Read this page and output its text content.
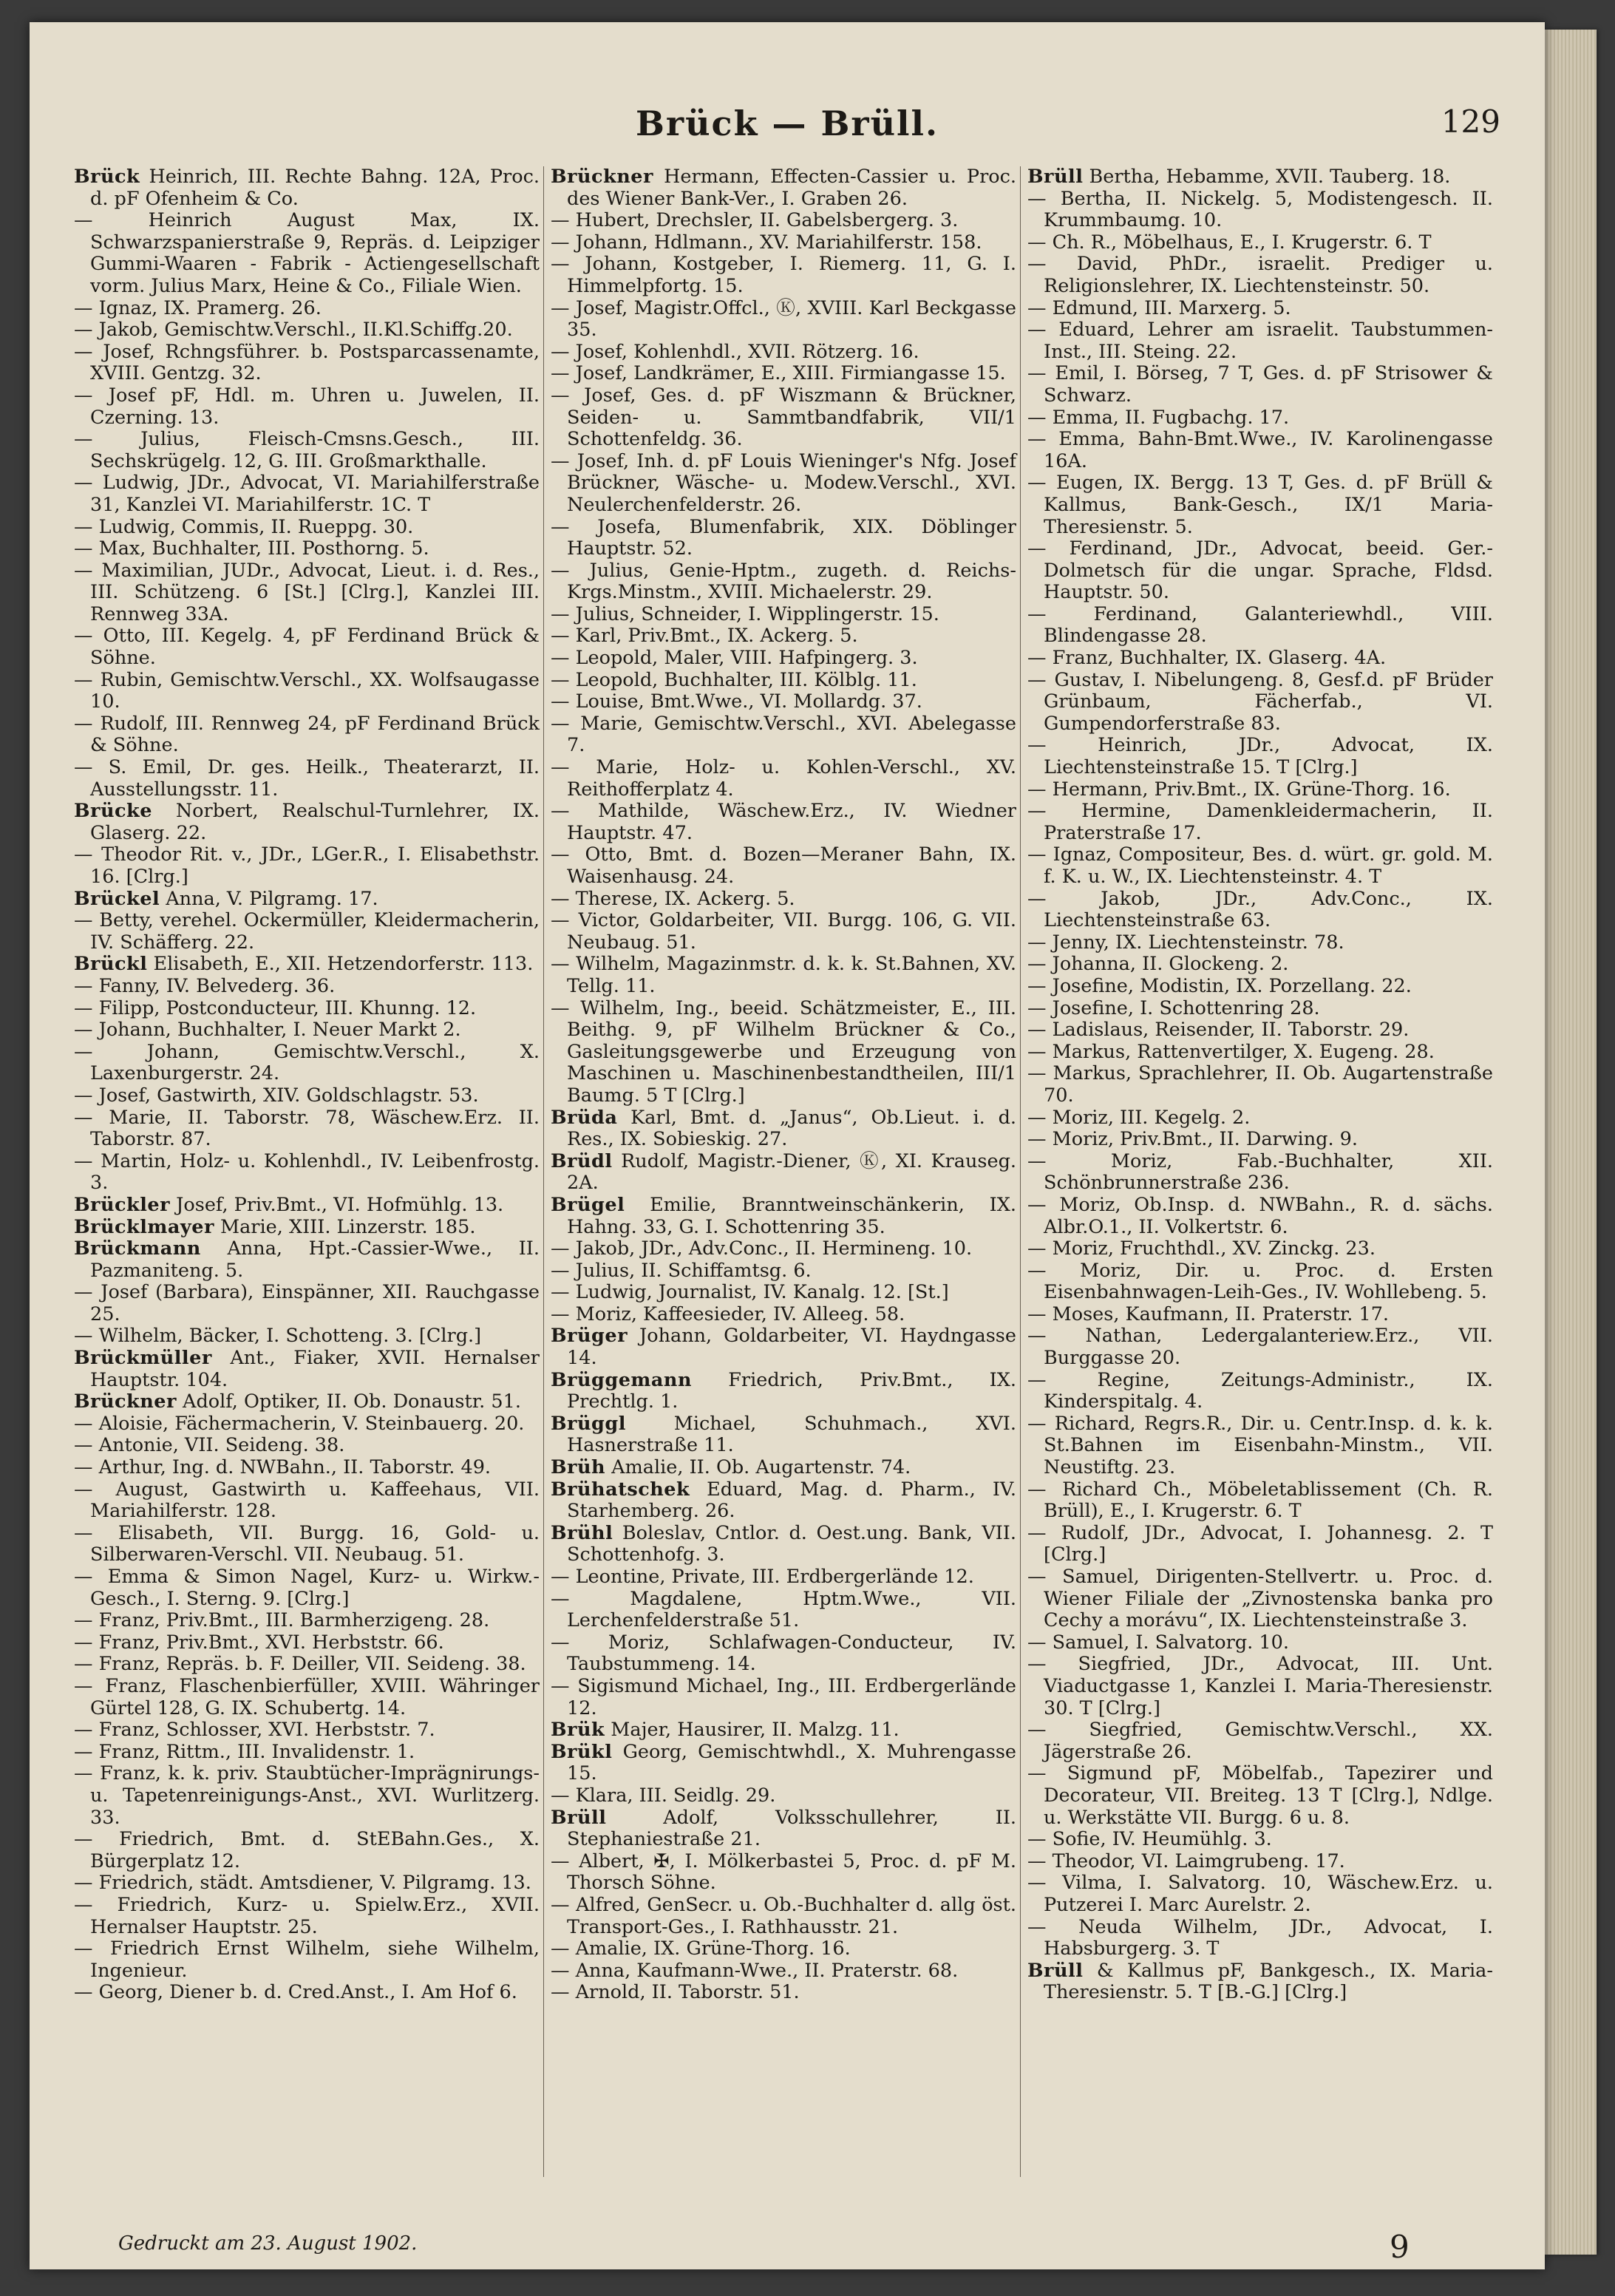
Brück — Brüll.	129

Brück Heinrich, III. Rechte Bahng. 12A, Proc. d. pF Ofenheim & Co.

— Heinrich August Max, IX. Schwarzspanierstraße 9, Repräs. d. Leipziger Gummi-Waaren - Fabrik - Actiengesellschaft vorm. Julius Marx, Heine & Co., Filiale Wien.

— Ignaz, IX. Pramerg. 26.

— Jakob, Gemischtw.Verschl., II.Kl.Schiffg.20.

— Josef, Rchngsführer. b. Postsparcassenamte, XVIII. Gentzg. 32.

— Josef pF, Hdl. m. Uhren u. Juwelen, II. Czerning. 13.

— Julius, Fleisch-Cmsns.Gesch., III. Sechskrügelg. 12, G. III. Großmarkthalle.

— Ludwig, JDr., Advocat, VI. Mariahilferstraße 31, Kanzlei VI. Mariahilferstr. 1C. T

— Ludwig, Commis, II. Rueppg. 30.

— Max, Buchhalter, III. Posthorng. 5.

— Maximilian, JUDr., Advocat, Lieut. i. d. Res., III. Schützeng. 6 [St.] [Clrg.], Kanzlei III. Rennweg 33A.

— Otto, III. Kegelg. 4, pF Ferdinand Brück & Söhne.

— Rubin, Gemischtw.Verschl., XX. Wolfsaugasse 10.

— Rudolf, III. Rennweg 24, pF Ferdinand Brück & Söhne.

— S. Emil, Dr. ges. Heilk., Theaterarzt, II. Ausstellungsstr. 11.

Brücke Norbert, Realschul-Turnlehrer, IX. Glaserg. 22.

— Theodor Rit. v., JDr., LGer.R., I. Elisabethstr. 16. [Clrg.]

Brückel Anna, V. Pilgramg. 17.

— Betty, verehel. Ockermüller, Kleidermacherin, IV. Schäfferg. 22.

Brückl Elisabeth, E., XII. Hetzendorferstr. 113.

— Fanny, IV. Belvederg. 36.

— Filipp, Postconducteur, III. Khunng. 12.

— Johann, Buchhalter, I. Neuer Markt 2.

— Johann, Gemischtw.Verschl., X. Laxenburgerstr. 24.

— Josef, Gastwirth, XIV. Goldschlagstr. 53.

— Marie, II. Taborstr. 78, Wäschew.Erz. II. Taborstr. 87.

— Martin, Holz- u. Kohlenhdl., IV. Leibenfrostg. 3.

Brückler Josef, Priv.Bmt., VI. Hofmühlg. 13.

Brücklmayer Marie, XIII. Linzerstr. 185.

Brückmann Anna, Hpt.-Cassier-Wwe., II. Pazmaniteng. 5.

— Josef (Barbara), Einspänner, XII. Rauchgasse 25.

— Wilhelm, Bäcker, I. Schotteng. 3. [Clrg.]

Brückmüller Ant., Fiaker, XVII. Hernalser Hauptstr. 104.

Brückner Adolf, Optiker, II. Ob. Donaustr. 51.

— Aloisie, Fächermacherin, V. Steinbauerg. 20.

— Antonie, VII. Seideng. 38.

— Arthur, Ing. d. NWBahn., II. Taborstr. 49.

— August, Gastwirth u. Kaffeehaus, VII. Mariahilferstr. 128.

— Elisabeth, VII. Burgg. 16, Gold- u. Silberwaren-Verschl. VII. Neubaug. 51.

— Emma & Simon Nagel, Kurz- u. Wirkw.-Gesch., I. Sterng. 9. [Clrg.]

— Franz, Priv.Bmt., III. Barmherzigeng. 28.

— Franz, Priv.Bmt., XVI. Herbststr. 66.

— Franz, Repräs. b. F. Deiller, VII. Seideng. 38.

— Franz, Flaschenbierfüller, XVIII. Währinger Gürtel 128, G. IX. Schubertg. 14.

— Franz, Schlosser, XVI. Herbststr. 7.

— Franz, Rittm., III. Invalidenstr. 1.

— Franz, k. k. priv. Staubtücher-Imprägnirungs- u. Tapetenreinigungs-Anst., XVI. Wurlitzerg. 33.

— Friedrich, Bmt. d. StEBahn.Ges., X. Bürgerplatz 12.

— Friedrich, städt. Amtsdiener, V. Pilgramg. 13.

— Friedrich, Kurz- u. Spielw.Erz., XVII. Hernalser Hauptstr. 25.

— Friedrich Ernst Wilhelm, siehe Wilhelm, Ingenieur.

— Georg, Diener b. d. Cred.Anst., I. Am Hof 6.

Brückner Hermann, Effecten-Cassier u. Proc. des Wiener Bank-Ver., I. Graben 26.

— Hubert, Drechsler, II. Gabelsbergerg. 3.

— Johann, Hdlmann., XV. Mariahilferstr. 158.

— Johann, Kostgeber, I. Riemerg. 11, G. I. Himmelpfortg. 15.

— Josef, Magistr.Offcl., Ⓚ, XVIII. Karl Beckgasse 35.

— Josef, Kohlenhdl., XVII. Rötzerg. 16.

— Josef, Landkrämer, E., XIII. Firmiangasse 15.

— Josef, Ges. d. pF Wiszmann & Brückner, Seiden- u. Sammtbandfabrik, VII/1 Schottenfeldg. 36.

— Josef, Inh. d. pF Louis Wieninger's Nfg. Josef Brückner, Wäsche- u. Modew.Verschl., XVI. Neulerchenfelderstr. 26.

— Josefa, Blumenfabrik, XIX. Döblinger Hauptstr. 52.

— Julius, Genie-Hptm., zugeth. d. Reichs-Krgs.Minstm., XVIII. Michaelerstr. 29.

— Julius, Schneider, I. Wipplingerstr. 15.

— Karl, Priv.Bmt., IX. Ackerg. 5.

— Leopold, Maler, VIII. Hafpingerg. 3.

— Leopold, Buchhalter, III. Kölblg. 11.

— Louise, Bmt.Wwe., VI. Mollardg. 37.

— Marie, Gemischtw.Verschl., XVI. Abelegasse 7.

— Marie, Holz- u. Kohlen-Verschl., XV. Reithofferplatz 4.

— Mathilde, Wäschew.Erz., IV. Wiedner Hauptstr. 47.

— Otto, Bmt. d. Bozen—Meraner Bahn, IX. Waisenhausg. 24.

— Therese, IX. Ackerg. 5.

— Victor, Goldarbeiter, VII. Burgg. 106, G. VII. Neubaug. 51.

— Wilhelm, Magazinmstr. d. k. k. St.Bahnen, XV. Tellg. 11.

— Wilhelm, Ing., beeid. Schätzmeister, E., III. Beithg. 9, pF Wilhelm Brückner & Co., Gasleitungsgewerbe und Erzeugung von Maschinen u. Maschinenbestandtheilen, III/1 Baumg. 5 T [Clrg.]

Brüda Karl, Bmt. d. „Janus“, Ob.Lieut. i. d. Res., IX. Sobieskig. 27.

Brüdl Rudolf, Magistr.-Diener, Ⓚ, XI. Krauseg. 2A.

Brügel Emilie, Branntweinschänkerin, IX. Hahng. 33, G. I. Schottenring 35.

— Jakob, JDr., Adv.Conc., II. Hermineng. 10.

— Julius, II. Schiffamtsg. 6.

— Ludwig, Journalist, IV. Kanalg. 12. [St.]

— Moriz, Kaffeesieder, IV. Alleeg. 58.

Brüger Johann, Goldarbeiter, VI. Haydngasse 14.

Brüggemann Friedrich, Priv.Bmt., IX. Prechtlg. 1.

Brüggl Michael, Schuhmach., XVI. Hasnerstraße 11.

Brüh Amalie, II. Ob. Augartenstr. 74.

Brühatschek Eduard, Mag. d. Pharm., IV. Starhemberg. 26.

Brühl Boleslav, Cntlor. d. Oest.ung. Bank, VII. Schottenhofg. 3.

— Leontine, Private, III. Erdbergerlände 12.

— Magdalene, Hptm.Wwe., VII. Lerchenfelderstraße 51.

— Moriz, Schlafwagen-Conducteur, IV. Taubstummeng. 14.

— Sigismund Michael, Ing., III. Erdbergerlände 12.

Brük Majer, Hausirer, II. Malzg. 11.

Brükl Georg, Gemischtwhdl., X. Muhrengasse 15.

— Klara, III. Seidlg. 29.

Brüll Adolf, Volksschullehrer, II. Stephaniestraße 21.

— Albert, ✠, I. Mölkerbastei 5, Proc. d. pF M. Thorsch Söhne.

— Alfred, GenSecr. u. Ob.-Buchhalter d. allg öst. Transport-Ges., I. Rathhausstr. 21.

— Amalie, IX. Grüne-Thorg. 16.

— Anna, Kaufmann-Wwe., II. Praterstr. 68.

— Arnold, II. Taborstr. 51.

Brüll Bertha, Hebamme, XVII. Tauberg. 18.

— Bertha, II. Nickelg. 5, Modistengesch. II. Krummbaumg. 10.

— Ch. R., Möbelhaus, E., I. Krugerstr. 6. T

— David, PhDr., israelit. Prediger u. Religionslehrer, IX. Liechtensteinstr. 50.

— Edmund, III. Marxerg. 5.

— Eduard, Lehrer am israelit. Taubstummen-Inst., III. Steing. 22.

— Emil, I. Börseg, 7 T, Ges. d. pF Strisower & Schwarz.

— Emma, II. Fugbachg. 17.

— Emma, Bahn-Bmt.Wwe., IV. Karolinengasse 16A.

— Eugen, IX. Bergg. 13 T, Ges. d. pF Brüll & Kallmus, Bank-Gesch., IX/1 Maria-Theresienstr. 5.

— Ferdinand, JDr., Advocat, beeid. Ger.-Dolmetsch für die ungar. Sprache, Fldsd. Hauptstr. 50.

— Ferdinand, Galanteriewhdl., VIII. Blindengasse 28.

— Franz, Buchhalter, IX. Glaserg. 4A.

— Gustav, I. Nibelungeng. 8, Gesf.d. pF Brüder Grünbaum, Fächerfab., VI. Gumpendorferstraße 83.

— Heinrich, JDr., Advocat, IX. Liechtensteinstraße 15. T [Clrg.]

— Hermann, Priv.Bmt., IX. Grüne-Thorg. 16.

— Hermine, Damenkleidermacherin, II. Praterstraße 17.

— Ignaz, Compositeur, Bes. d. würt. gr. gold. M. f. K. u. W., IX. Liechtensteinstr. 4. T

— Jakob, JDr., Adv.Conc., IX. Liechtensteinstraße 63.

— Jenny, IX. Liechtensteinstr. 78.

— Johanna, II. Glockeng. 2.

— Josefine, Modistin, IX. Porzellang. 22.

— Josefine, I. Schottenring 28.

— Ladislaus, Reisender, II. Taborstr. 29.

— Markus, Rattenvertilger, X. Eugeng. 28.

— Markus, Sprachlehrer, II. Ob. Augartenstraße 70.

— Moriz, III. Kegelg. 2.

— Moriz, Priv.Bmt., II. Darwing. 9.

— Moriz, Fab.-Buchhalter, XII. Schönbrunnerstraße 236.

— Moriz, Ob.Insp. d. NWBahn., R. d. sächs. Albr.O.1., II. Volkertstr. 6.

— Moriz, Fruchthdl., XV. Zinckg. 23.

— Moriz, Dir. u. Proc. d. Ersten Eisenbahnwagen-Leih-Ges., IV. Wohllebeng. 5.

— Moses, Kaufmann, II. Praterstr. 17.

— Nathan, Ledergalanteriew.Erz., VII. Burggasse 20.

— Regine, Zeitungs-Administr., IX. Kinderspitalg. 4.

— Richard, Regrs.R., Dir. u. Centr.Insp. d. k. k. St.Bahnen im Eisenbahn-Minstm., VII. Neustiftg. 23.

— Richard Ch., Möbeletablissement (Ch. R. Brüll), E., I. Krugerstr. 6. T

— Rudolf, JDr., Advocat, I. Johannesg. 2. T [Clrg.]

— Samuel, Dirigenten-Stellvertr. u. Proc. d. Wiener Filiale der „Zivnostenska banka pro Cechy a morávu“, IX. Liechtensteinstraße 3.

— Samuel, I. Salvatorg. 10.

— Siegfried, JDr., Advocat, III. Unt. Viaductgasse 1, Kanzlei I. Maria-Theresienstr. 30. T [Clrg.]

— Siegfried, Gemischtw.Verschl., XX. Jägerstraße 26.

— Sigmund pF, Möbelfab., Tapezirer und Decorateur, VII. Breiteg. 13 T [Clrg.], Ndlge. u. Werkstätte VII. Burgg. 6 u. 8.

— Sofie, IV. Heumühlg. 3.

— Theodor, VI. Laimgrubeng. 17.

— Vilma, I. Salvatorg. 10, Wäschew.Erz. u. Putzerei I. Marc Aurelstr. 2.

— Neuda Wilhelm, JDr., Advocat, I. Habsburgerg. 3. T

Brüll & Kallmus pF, Bankgesch., IX. Maria-Theresienstr. 5. T [B.-G.] [Clrg.]

Gedruckt am 23. August 1902.	9
